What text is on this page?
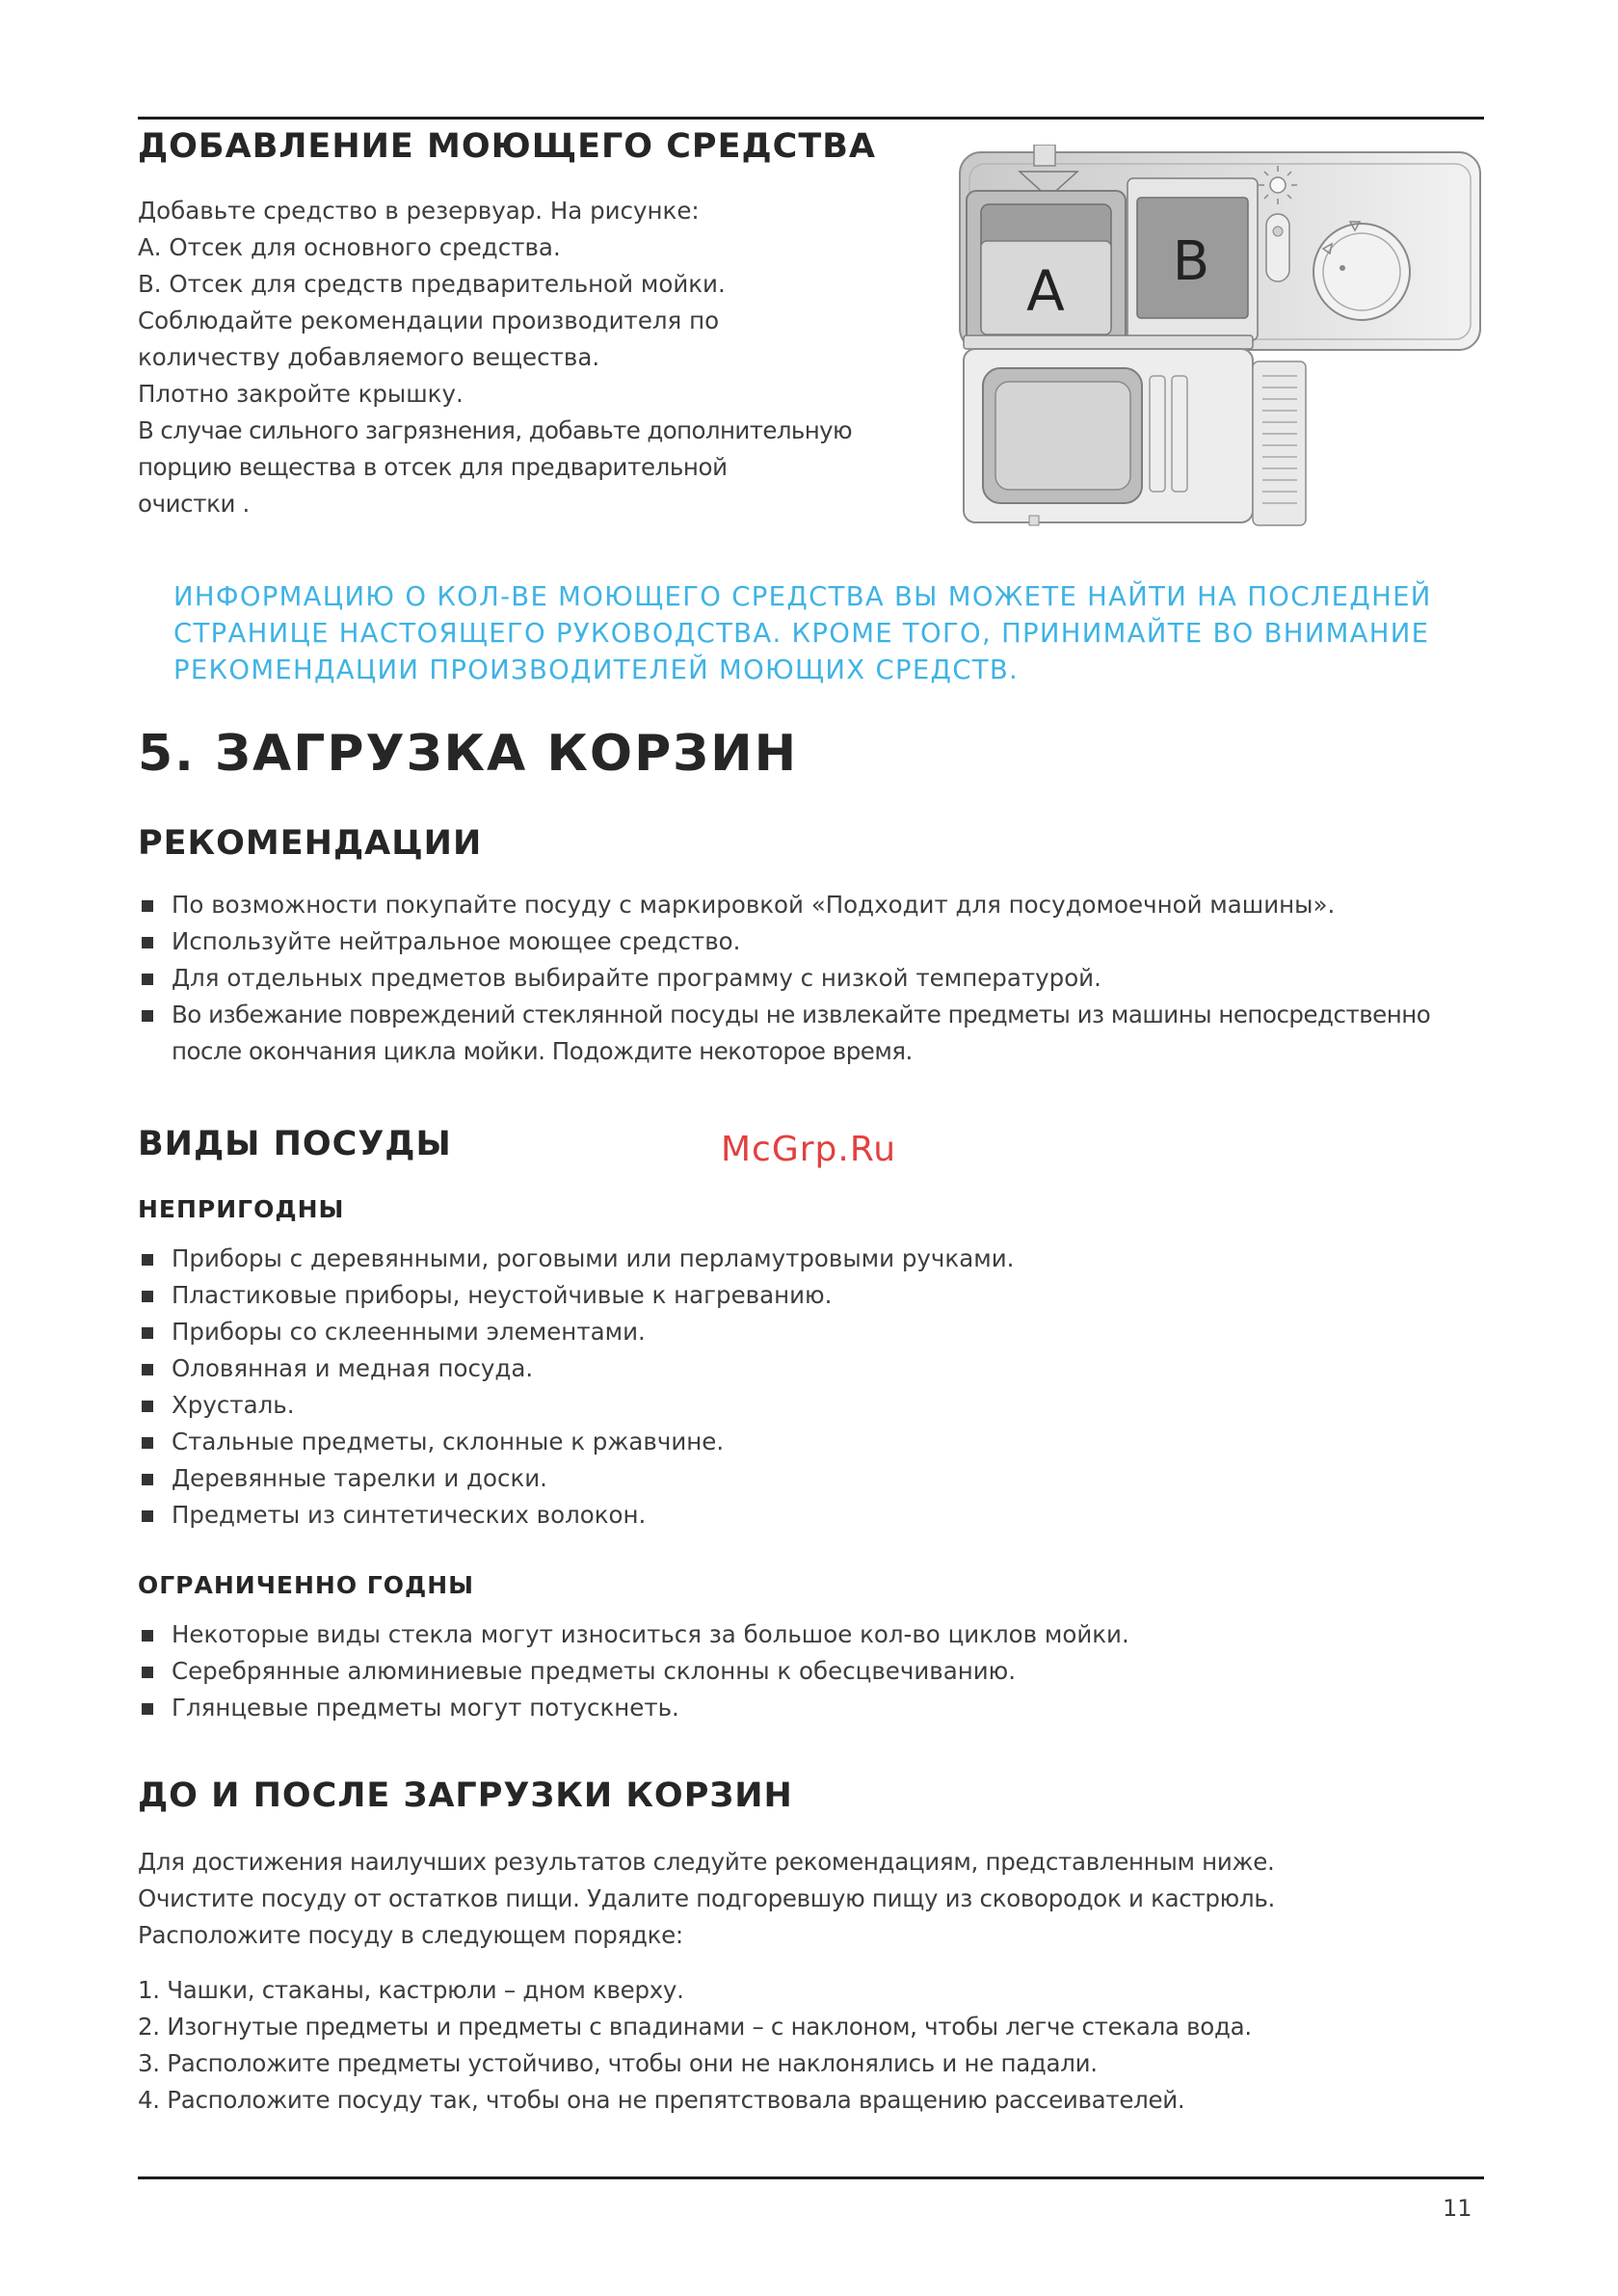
ДОБАВЛЕНИЕ МОЮЩЕГО СРЕДСТВА
Добавьте средство в резервуар. На рисунке:
А. Отсек для основного средства.
В. Отсек для средств предварительной мойки.
Соблюдайте рекомендации производителя по
количеству добавляемого вещества.
Плотно закройте крышку.
В случае сильного загрязнения, добавьте дополнительную
порцию вещества в отсек для предварительной
очистки .
A B
ИНФОРМАЦИЮ О КОЛ-ВЕ МОЮЩЕГО СРЕДСТВА ВЫ МОЖЕТЕ НАЙТИ НА ПОСЛЕДНЕЙ
СТРАНИЦЕ НАСТОЯЩЕГО РУКОВОДСТВА. КРОМЕ ТОГО, ПРИНИМАЙТЕ ВО ВНИМАНИЕ
РЕКОМЕНДАЦИИ ПРОИЗВОДИТЕЛЕЙ МОЮЩИХ СРЕДСТВ.
5. ЗАГРУЗКА КОРЗИН
РЕКОМЕНДАЦИИ
По возможности покупайте посуду с маркировкой «Подходит для посудомоечной машины».
Используйте нейтральное моющее средство.
Для отдельных предметов выбирайте программу с низкой температурой.
Во избежание повреждений стеклянной посуды не извлекайте предметы из машины непосредственно
после окончания цикла мойки. Подождите некоторое время.
ВИДЫ ПОСУДЫ	McGrp.Ru
НЕПРИГОДНЫ
Приборы с деревянными, роговыми или перламутровыми ручками.
Пластиковые приборы, неустойчивые к нагреванию.
Приборы со склеенными элементами.
Оловянная и медная посуда.
Хрусталь.
Стальные предметы, склонные к ржавчине.
Деревянные тарелки и доски.
Предметы из синтетических волокон.
ОГРАНИЧЕННО ГОДНЫ
Некоторые виды стекла могут износиться за большое кол-во циклов мойки.
Серебрянные алюминиевые предметы склонны к обесцвечиванию.
Глянцевые предметы могут потускнеть.
ДО И ПОСЛЕ ЗАГРУЗКИ КОРЗИН
Для достижения наилучших результатов следуйте рекомендациям, представленным ниже.
Очистите посуду от остатков пищи. Удалите подгоревшую пищу из сковородок и кастрюль.
Расположите посуду в следующем порядке:
1. Чашки, стаканы, кастрюли – дном кверху.
2. Изогнутые предметы и предметы с впадинами – с наклоном, чтобы легче стекала вода.
3. Расположите предметы устойчиво, чтобы они не наклонялись и не падали.
4. Расположите посуду так, чтобы она не препятствовала вращению рассеивателей.
11
